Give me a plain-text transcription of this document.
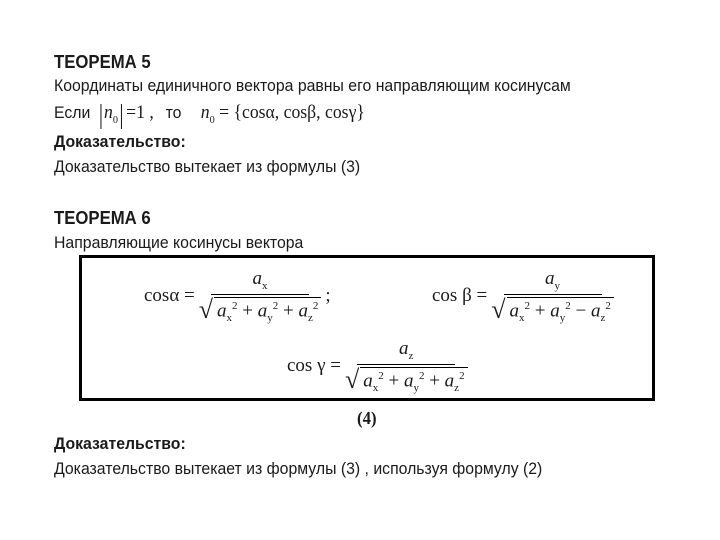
ТЕОРЕМА 5
Координаты единичного вектора равны его направляющим косинусам
Если $n_0 =1$ , то $n_0 = \{\cos\alpha$, cosβ, cosγ}
Доказательство:
Доказательство вытекает из формулы (3)
ТЕОРЕМА 6
Направляющие косинусы вектора
$\cos\alpha = \frac{a_x}{√ a_x^2 + a_y^2 + a_z^2}$ ;	$\cos \beta = \frac{a_y}{√ a_x^2 + a_y^2 - a_z^2}$
$\cos \gamma = \frac{a_z}{√ a_x^2 + a_y^2 + a_z^2}$
(4)
Доказательство:
Доказательство вытекает из формулы (3) , используя формулу (2)
